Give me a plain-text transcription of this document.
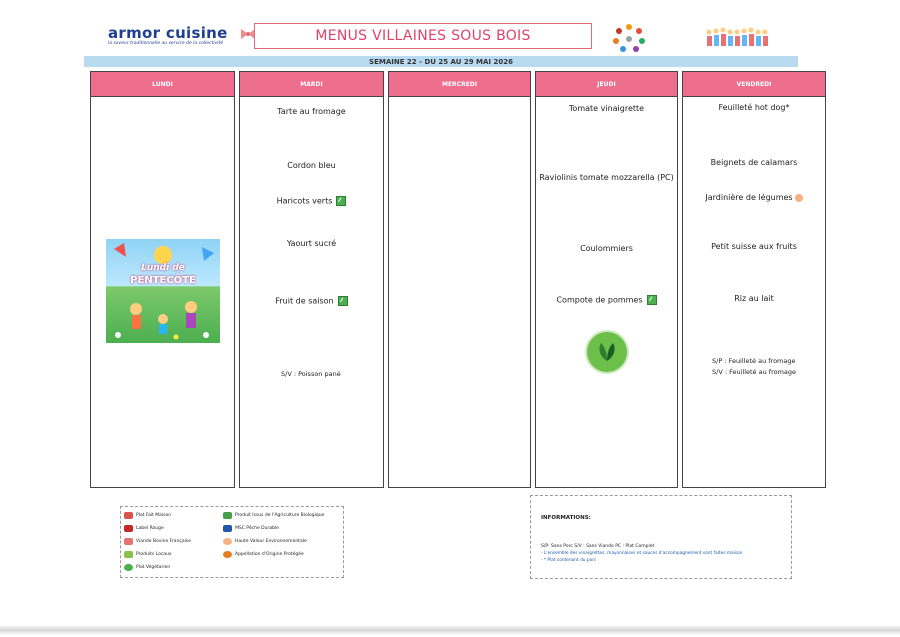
armor cuisine
la saveur traditionnelle au service de la collectivité	MENUS VILLAINES SOUS BOIS
SEMAINE 22 - DU 25 AU 29 MAI 2026
LUNDI
Lundi de
PENTECÔTE
MARDI
Tarte au fromage
Cordon bleu
Haricots verts
Yaourt sucré
Fruit de saison
S/V : Poisson pané
MERCREDI	JEUDI
Tomate vinaigrette
Raviolinis tomate mozzarella (PC)
Coulommiers
Compote de pommes
VENDREDI
Feuilleté hot dog*
Beignets de calamars
Jardinière de légumes
Petit suisse aux fruits
Riz au lait
S/P : Feuilleté au fromage
S/V : Feuilleté au fromage
Plat Fait Maison
Label Rouge
Viande Bovine Française
Produits Locaux
Plat Végétarien
Produit Issus de l'Agriculture Biologique
MSC Pêche Durable
Haute Valeur Environnementale
Appellation d'Origine Protégée
INFORMATIONS:
S/P: Sans Porc S/V : Sans Viande PC : Plat Complet
- L'ensemble des vinaigrettes, mayonnaises et sauces d'accompagnement sont faites maison
- * Plat contenant du porc
